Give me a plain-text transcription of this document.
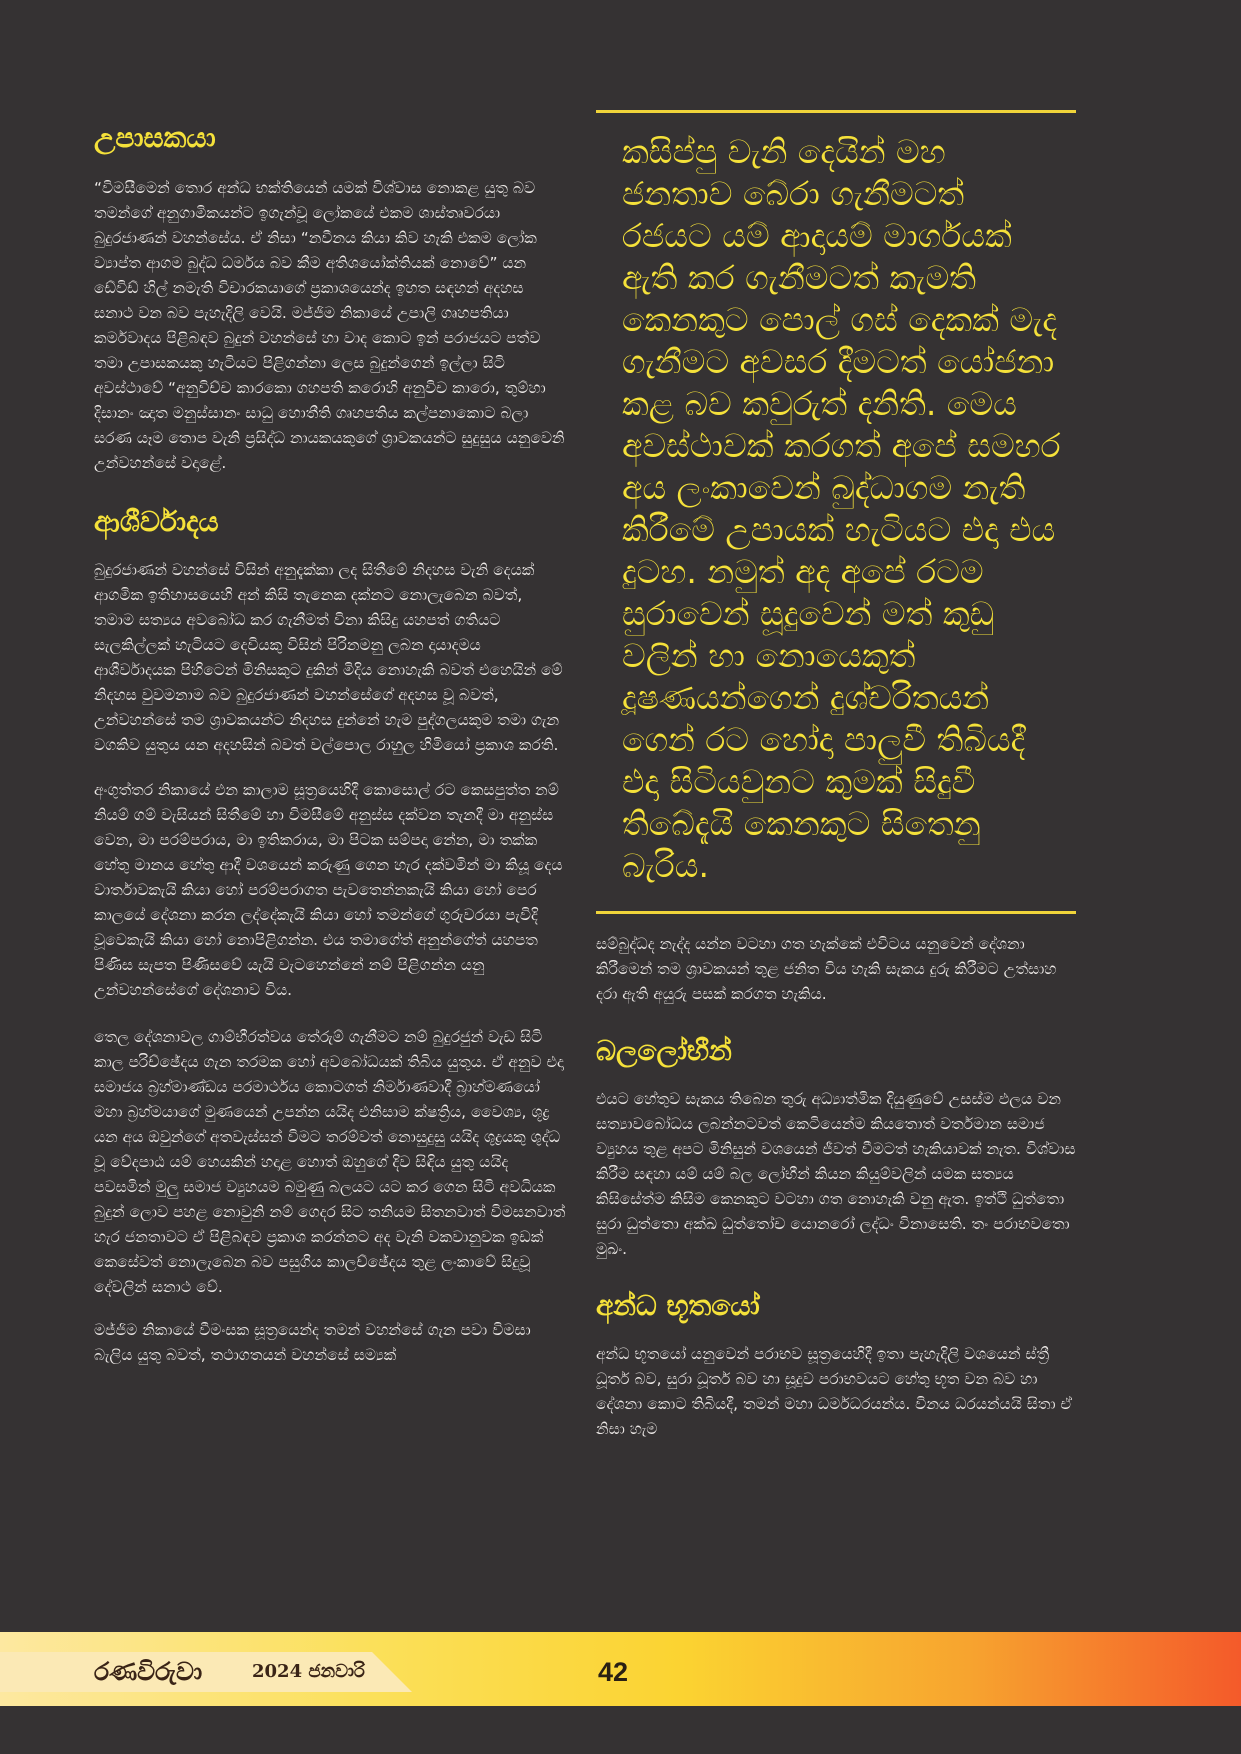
උපාසකයා

“විමසීමෙන් තොර අන්ධ භක්තියෙන් යමක් විශ්වාස නොකළ යුතු බව තමන්ගේ අනුගාමිකයන්ට ඉගැන්වූ ලෝකයේ එකම ශාස්තෘවරයා බුදුරජාණන් වහන්සේය. ඒ නිසා “නවීනය කියා කිව හැකි එකම ලෝක ව්‍යාප්ත ආගම බුද්ධ ධර්මය බව කීම අතිශයෝක්තියක් නොවේ” යන ඩේවිඩ් හිල් නමැති විචාරකයාගේ ප්‍රකාශයෙන්ද ඉහත සඳහන් අදහස සනාථ වන බව පැහැදිලි වෙයි. මජ්ජිම නිකායේ උපාලි ගෘහපතියා කර්මවාදය පිළිබඳව බුදුන් වහන්සේ හා වාද කොට ඉන් පරාජයට පත්ව තමා උපාසකයකු හැටියට පිළිගන්නා ලෙස බුදුන්ගෙන් ඉල්ලා සිටි අවස්ථාවේ “අනුවිච්ච කාරකො ගහපති කරොහි අනුවිච කාරො, තුම්හා දිසානං ඤාත මනුස්සානං සාධු හොතීති ගෘහපතිය‍ කල්පනාකොට බලා සරණ යෑම තොප වැනි ප්‍රසිද්ධ නායකයකුගේ ශ්‍රාවකයන්ට සුදුසුය යනුවෙනි උන්වහන්සේ වදාළේ.

ආශීර්වාදය

බුදුරජාණන් වහන්සේ විසින් අනුදැක්කා ලද සිතීමේ නිදහස වැනි දෙයක් ආගමික ඉතිහාසයෙහි අන් කිසි තැනෙක දක්නට නොලැබෙන බවත්, තමාම සත්‍යය අවබෝධ කර ගැනීමත් විනා කිසිදු යහපත් ගතියට සැලකිල්ලක් හැටියට දෙවියකු විසින් පිරිනමනු ලබන දායාදමය ආශීර්වාදයක පිහිටෙන් මිනිසකුට දුකින් මිදිය නොහැකි බවත් එහෙයින් මේ නිදහස වුවමනාම බව බුදුරජාණන් වහන්සේගේ අදහස වූ බවත්, උන්වහන්සේ තම ශ්‍රාවකයන්ට නිදහස දුන්නේ හැම පුද්ගලයකුම තමා ගැන වගකිව යුතුය යන අදහසින් බවත් වල්පොල රාහුල හිමියෝ ප්‍රකාශ කරති.

අංගුත්තර නිකායේ එන කාලාම සූත්‍රයෙහිදී කොසොල් රට කෙසපුත්ත නම් නියම් ගම් වැසියන් සිතීමේ හා විමසීමේ අනුස්ස දක්වන තැනදී මා අනුස්ස වෙන, මා පරම්පරාය, මා ඉතිකරාය, මා පිටක සම්පදා නේන, මා තක්ක හේතු මානය හේතු ආදී වශයෙන් කරුණු ගෙන හැර දක්වමින් මා කියූ දෙය වාර්තාවකැයි කියා හෝ පරම්පරාගත පැවතෙන්නකැයි කියා හෝ පෙර කාලයේ දේශනා කරන ලද්දේකැයි කියා හෝ තමන්ගේ ගුරුවරයා පැවිදි වූවෙකැයි කියා හෝ නොපිළිගන්න. එය තමාගේත් අනුන්ගේත් යහපත පිණිස සැපත පිණිසවේ යැයි වැටහෙන්නේ නම් පිළිගන්න යනු උන්වහන්සේගේ දේශනාව විය.

තෙල දේශනාවල ගාම්භීරත්වය තේරුම් ගැනීමට නම් බුදුරජුන් වැඩ සිටි කාල පරිච්ඡේදය ගැන තරමක හෝ අවබෝධයක් තිබිය යුතුය. ඒ අනුව එදා සමාජය බ්‍රහ්මාණ්ඩය පරමාර්ථය කොටගත් නිර්මාණවාදී බ්‍රාහ්මණයෝ මහා බ්‍රහ්මයාගේ මුණයෙන් උපන්න යයිද එනිසාම ක්ෂත්‍රිය, වෛශ්‍ය, ශූද්‍ර යන අය ඔවුන්ගේ අතවැස්සන් විමට තරම්වත් නොසුදුසු යයිද ශුද්‍රයකු ශුද්ධ වූ වේදපාඨ යම් හෙයකින් හදාළ හොත් ඔහුගේ දිව සිඳිය යුතු යයිද පවසමින් මුලු සමාජ ව්‍යුහයම බමුණු බලයට යට කර ගෙන සිටි අවධියක බුදුන් ලොව පහළ නොවුනි නම් ගෙදර සිට තනියම සිතනවාත් විමසනවාත් හැර ජනතාවට ඒ පිළිබඳව ප්‍රකාශ කරන්නට අද වැනි වකවානුවක ඉඩක් කෙසේවත් නොලැබෙන බව පසුගිය කාලච්ඡේදය තුළ ලංකාවේ සිදුවූ දේවලින් සනාථ වේ.

මජ්ජිම නිකායේ වීමංසක සූත්‍රයෙන්ද තමන් වහන්සේ ගැන පවා විමසා බැලිය යුතු බවත්, තථාගතයන් වහන්සේ සම්‍යක්

කසිප්පු වැනි දෙයින් මහ ජනතාව බේරා ගැනීමටත් රජයට යම් ආදායම් මාර්ගයක් ඇති කර ගැනීමටත් කැමති කෙනකුට පොල් ගස් දෙකක් මැද ගැනීමට අවසර දීමටත් යෝජනා කළ බව කවුරුත් දනිති. මෙය අවස්ථාවක් කරගත් අපේ සමහර අය ලංකාවෙන් බුද්ධාගම නැති කිරීමේ උපායක් හැටියට එදා එය දුටහ. නමුත් අද අපේ රටම සුරාවෙන් සූදුවෙන් මත් කුඩු වලින් හා නොයෙකුත් දූෂණයන්ගෙන් දුශ්චරිතයන් ගෙන් රට හෝදා පාලුවී තිබියදී එදා සිටියවුනට කුමක් සිදුවී තිබේදැයි කෙනකුට සිතෙනු බැරිය.

සම්බුද්ධද නැද්ද යන්න වටහා ගත හැක්කේ එවිටය යනුවෙන් දේශනා කිරීමෙන් තම ශ්‍රාවකයන් තුළ ජනිත විය හැකි සැකය දුරු කිරීමට උත්සාහ දරා ඇති අයුරු පසක් කරගත හැකිය.

බලලෝභීන්

එයට හේතුව සැකය තිබෙන තුරු අධ්‍යාත්මික දියුණුවේ උසස්ම ඵලය වන සත්‍යාවබෝධය ලබන්නටවත් කෙටියෙන්ම කියතොත් වර්තමාන සමාජ ව්‍යුහය තුළ අපට මිනිසුන් වශයෙන් ජීවත් වීමටත් හැකියාවක් නැත. විශ්වාස කිරීම සඳහා යම් යම් බල ලෝභීන් කියන කියුම්වලින් යමක සත්‍යය කිසිසේත්ම කිසිම කෙනකුට වටහා ගත නොහැකි වනු ඇත. ඉත්ථි ධුත්තො සුරා ධුත්තො අක්ඛ ධුත්තෝච යොනරෝ ලද්ධං විනාසෙති. තං පරාභවතො මුඛං.

අන්ධ භූතයෝ

අන්ධ භූතයෝ යනුවෙන් පරාභව සූත්‍රයෙහිදී ඉතා පැහැදිලි වශයෙන් ස්ත්‍රී ධූර්ත බව, සුරා ධූර්ත බව හා සූදුව පරාභවයට හේතු භූත වන බව හා දේශනා කොට තිබියදී, තමන් මහා ධර්මධරයන්ය. විනය ධරයන්යයි සිතා ඒ නිසා හැම

රණවිරුවා	2024 ජනවාරි	42
